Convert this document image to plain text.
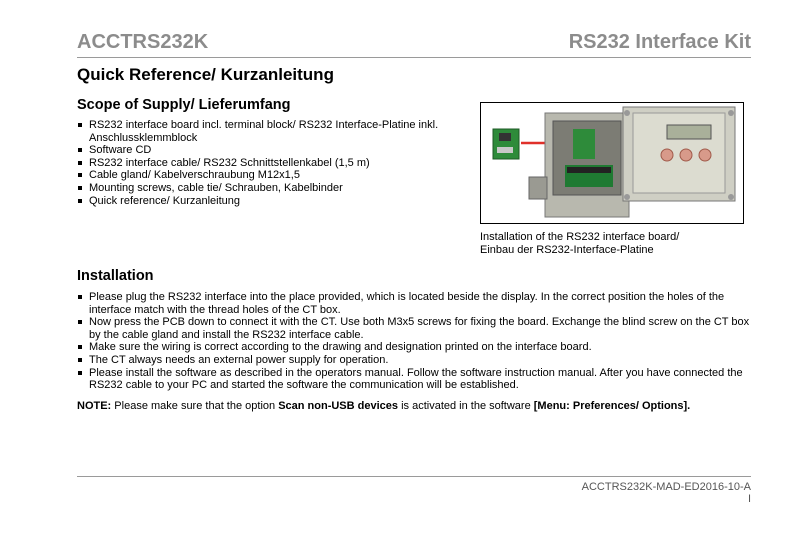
ACCTRS232K	RS232 Interface Kit
Quick Reference/ Kurzanleitung
Scope of Supply/ Lieferumfang
RS232 interface board incl. terminal block/ RS232 Interface-Platine inkl. Anschlussklemmblock
Software CD
RS232 interface cable/ RS232 Schnittstellenkabel (1,5 m)
Cable gland/ Kabelverschraubung M12x1,5
Mounting screws, cable tie/ Schrauben, Kabelbinder
Quick reference/ Kurzanleitung
Installation of the RS232 interface board/
Einbau der RS232-Interface-Platine
Installation
Please plug the RS232 interface into the place provided, which is located beside the display. In the correct position the holes of the interface match with the thread holes of the CT box.
Now press the PCB down to connect it with the CT. Use both M3x5 screws for fixing the board. Exchange the blind screw on the CT box by the cable gland and install the RS232 interface cable.
Make sure the wiring is correct according to the drawing and designation printed on the interface board.
The CT always needs an external power supply for operation.
Please install the software as described in the operators manual. Follow the software instruction manual. After you have connected the RS232 cable to your PC and started the software the communication will be established.
NOTE: Please make sure that the option Scan non-USB devices is activated in the software [Menu: Preferences/ Options].
ACCTRS232K-MAD-ED2016-10-A
I
